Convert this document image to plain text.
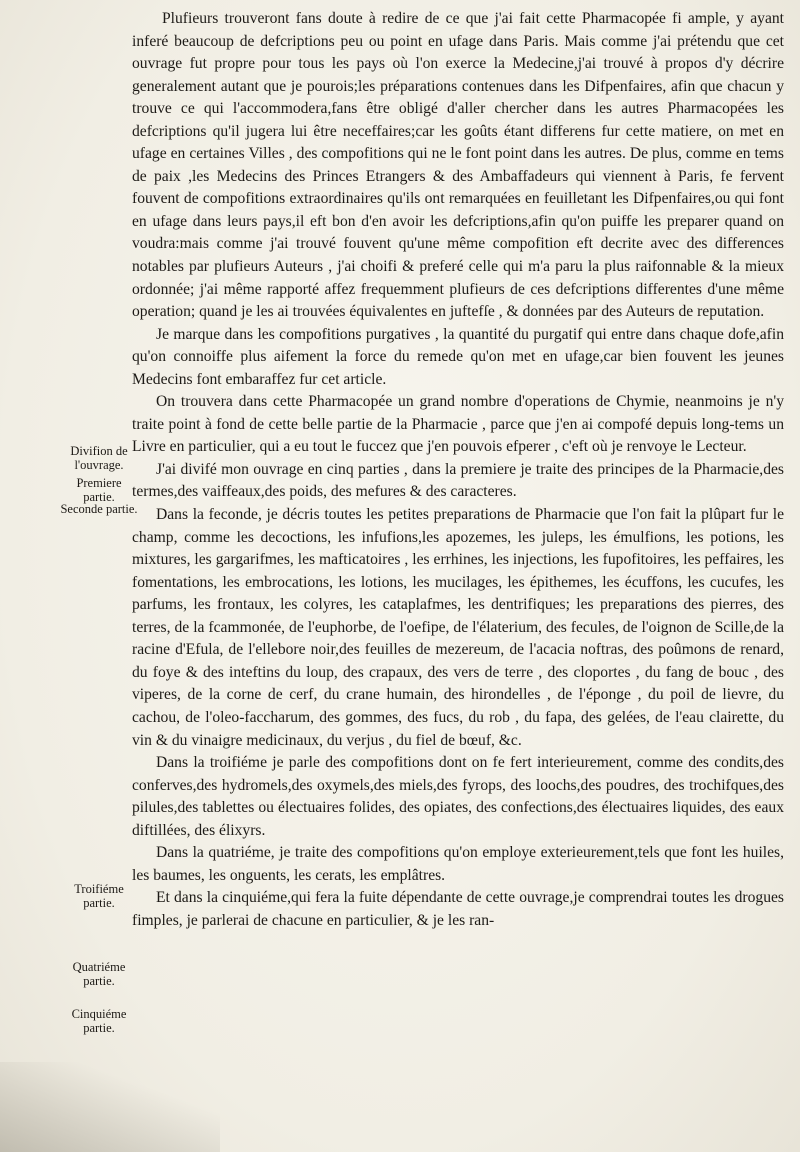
Plufieurs trouveront fans doute à redire de ce que j'ai fait cette Pharmacopée fi ample, y ayant inferé beaucoup de defcriptions peu ou point en ufage dans Paris. Mais comme j'ai prétendu que cet ouvrage fut propre pour tous les pays où l'on exerce la Medecine,j'ai trouvé à propos d'y décrire generalement autant que je pourois;les préparations contenues dans les Difpenfaires, afin que chacun y trouve ce qui l'accommodera,fans être obligé d'aller chercher dans les autres Pharmacopées les defcriptions qu'il jugera lui être neceffaires;car les goûts étant differens fur cette matiere, on met en ufage en certaines Villes , des compofitions qui ne le font point dans les autres. De plus, comme en tems de paix ,les Medecins des Princes Etrangers & des Ambaffadeurs qui viennent à Paris, fe fervent fouvent de compofitions extraordinaires qu'ils ont remarquées en feuilletant les Difpenfaires,ou qui font en ufage dans leurs pays,il eft bon d'en avoir les defcriptions,afin qu'on puiffe les preparer quand on voudra:mais comme j'ai trouvé fouvent qu'une même compofition eft decrite avec des differences notables par plufieurs Auteurs , j'ai choifi & preferé celle qui m'a paru la plus raifonnable & la mieux ordonnée; j'ai même rapporté affez frequemment plufieurs de ces defcriptions differentes d'une même operation; quand je les ai trouvées équivalentes en juftefſe , & données par des Auteurs de reputation.

Je marque dans les compofitions purgatives , la quantité du purgatif qui entre dans chaque dofe,afin qu'on connoiffe plus aifement la force du remede qu'on met en ufage,car bien fouvent les jeunes Medecins font embaraffez fur cet article.

On trouvera dans cette Pharmacopée un grand nombre d'operations de Chymie, neanmoins je n'y traite point à fond de cette belle partie de la Pharmacie , parce que j'en ai compofé depuis long-tems un Livre en particulier, qui a eu tout le fuccez que j'en pouvois efperer , c'eft où je renvoye le Lecteur.

J'ai divifé mon ouvrage en cinq parties , dans la premiere je traite des principes de la Pharmacie,des termes,des vaiffeaux,des poids, des mefures & des caracteres.

Dans la feconde, je décris toutes les petites preparations de Pharmacie que l'on fait la plûpart fur le champ, comme les decoctions, les infufions,les apozemes, les juleps, les émulfions, les potions, les mixtures, les gargarifmes, les mafticatoires , les errhines, les injections, les fupofitoires, les peffaires, les fomentations, les embrocations, les lotions, les mucilages, les épithemes, les écuffons, les cucufes, les parfums, les frontaux, les colyres, les cataplafmes, les dentrifiques; les preparations des pierres, des terres, de la fcammonée, de l'euphorbe, de l'oefipe, de l'élaterium, des fecules, de l'oignon de Scille,de la racine d'Efula, de l'ellebore noir,des feuilles de mezereum, de l'acacia noftras, des poûmons de renard, du foye & des inteftins du loup, des crapaux, des vers de terre , des cloportes , du fang de bouc , des viperes, de la corne de cerf, du crane humain, des hirondelles , de l'éponge , du poil de lievre, du cachou, de l'oleo-faccharum, des gommes, des fucs, du rob , du fapa, des gelées, de l'eau clairette, du vin & du vinaigre medicinaux, du verjus , du fiel de bœuf, &c.

Dans la troifiéme je parle des compofitions dont on fe fert interieurement, comme des condits,des conferves,des hydromels,des oxymels,des miels,des fyrops, des loochs,des poudres, des trochifques,des pilules,des tablettes ou électuaires folides, des opiates, des confections,des électuaires liquides, des eaux diftillées, des élixyrs.

Dans la quatriéme, je traite des compofitions qu'on employe exterieurement,tels que font les huiles, les baumes, les onguents, les cerats, les emplâtres.

Et dans la cinquiéme,qui fera la fuite dépendante de cette ouvrage,je comprendrai toutes les drogues fimples, je parlerai de chacune en particulier, & je les ran-

Divifion de l'ouvrage.
Premiere partie.
Seconde partie.
Troifiéme partie.
Quatriéme partie.
Cinquiéme partie.
